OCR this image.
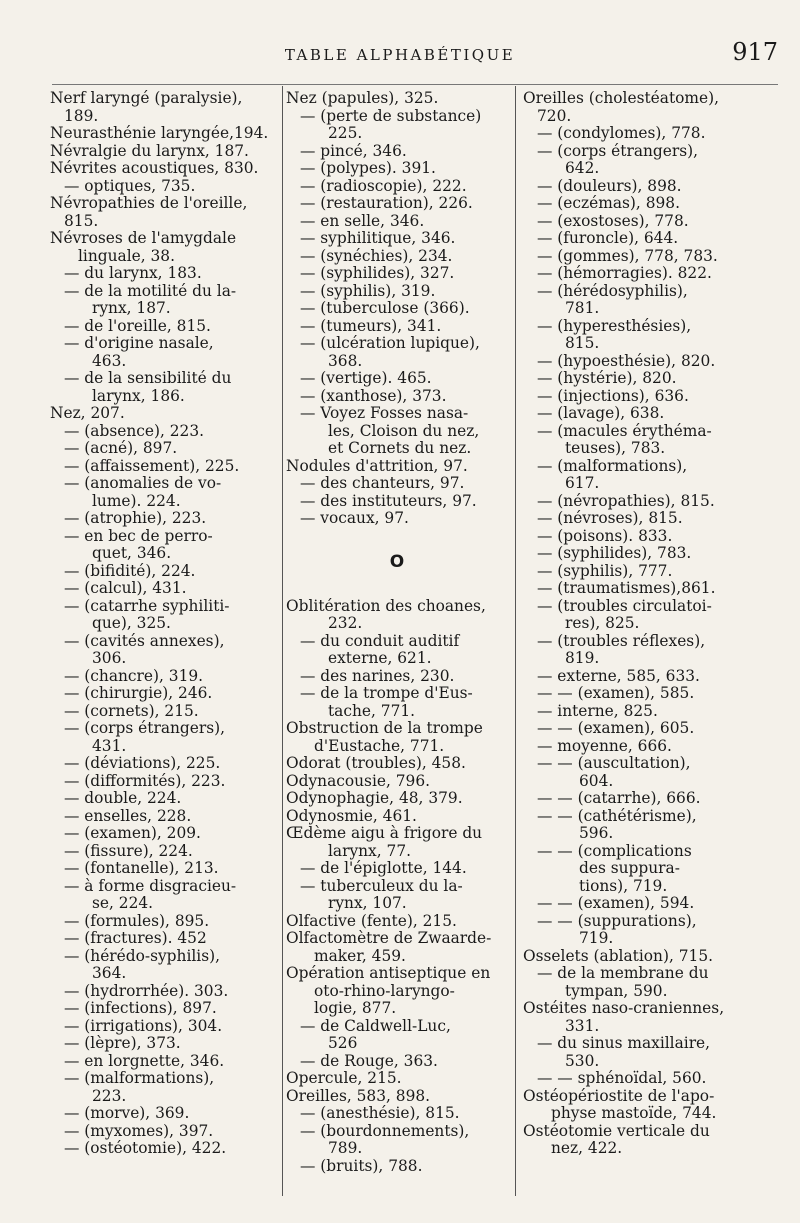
TABLE ALPHABÉTIQUE	917
Nerf laryngé (paralysie),
189.
Neurasthénie laryngée,194.
Névralgie du larynx, 187.
Névrites acoustiques, 830.
— optiques, 735.
Névropathies de l'oreille,
815.
Névroses de l'amygdale
linguale, 38.
— du larynx, 183.
— de la motilité du la-
rynx, 187.
— de l'oreille, 815.
— d'origine nasale,
463.
— de la sensibilité du
larynx, 186.
Nez, 207.
— (absence), 223.
— (acné), 897.
— (affaissement), 225.
— (anomalies de vo-
lume). 224.
— (atrophie), 223.
— en bec de perro-
quet, 346.
— (bifidité), 224.
— (calcul), 431.
— (catarrhe syphiliti-
que), 325.
— (cavités annexes),
306.
— (chancre), 319.
— (chirurgie), 246.
— (cornets), 215.
— (corps étrangers),
431.
— (déviations), 225.
— (difformités), 223.
— double, 224.
— enselles, 228.
— (examen), 209.
— (fissure), 224.
— (fontanelle), 213.
— à forme disgracieu-
se, 224.
— (formules), 895.
— (fractures). 452
— (hérédo-syphilis),
364.
— (hydrorrhée). 303.
— (infections), 897.
— (irrigations), 304.
— (lèpre), 373.
— en lorgnette, 346.
— (malformations),
223.
— (morve), 369.
— (myxomes), 397.
— (ostéotomie), 422.
Nez (papules), 325.
— (perte de substance)
225.
— pincé, 346.
— (polypes). 391.
— (radioscopie), 222.
— (restauration), 226.
— en selle, 346.
— syphilitique, 346.
— (synéchies), 234.
— (syphilides), 327.
— (syphilis), 319.
— (tuberculose (366).
— (tumeurs), 341.
— (ulcération lupique),
368.
— (vertige). 465.
— (xanthose), 373.
— Voyez Fosses nasa-
les, Cloison du nez,
et Cornets du nez.
Nodules d'attrition, 97.
— des chanteurs, 97.
— des instituteurs, 97.
— vocaux, 97.
O
Oblitération des choanes,
232.
— du conduit auditif
externe, 621.
— des narines, 230.
— de la trompe d'Eus-
tache, 771.
Obstruction de la trompe
d'Eustache, 771.
Odorat (troubles), 458.
Odynacousie, 796.
Odynophagie, 48, 379.
Odynosmie, 461.
Œdème aigu à frigore du
larynx, 77.
— de l'épiglotte, 144.
— tuberculeux du la-
rynx, 107.
Olfactive (fente), 215.
Olfactomètre de Zwaarde-
maker, 459.
Opération antiseptique en
oto-rhino-laryngo-
logie, 877.
— de Caldwell-Luc,
526
— de Rouge, 363.
Opercule, 215.
Oreilles, 583, 898.
— (anesthésie), 815.
— (bourdonnements),
789.
— (bruits), 788.
Oreilles (cholestéatome),
720.
— (condylomes), 778.
— (corps étrangers),
642.
— (douleurs), 898.
— (eczémas), 898.
— (exostoses), 778.
— (furoncle), 644.
— (gommes), 778, 783.
— (hémorragies). 822.
— (hérédosyphilis),
781.
— (hyperesthésies),
815.
— (hypoesthésie), 820.
— (hystérie), 820.
— (injections), 636.
— (lavage), 638.
— (macules érythéma-
teuses), 783.
— (malformations),
617.
— (névropathies), 815.
— (névroses), 815.
— (poisons). 833.
— (syphilides), 783.
— (syphilis), 777.
— (traumatismes),861.
— (troubles circulatoi-
res), 825.
— (troubles réflexes),
819.
— externe, 585, 633.
— — (examen), 585.
— interne, 825.
— — (examen), 605.
— moyenne, 666.
— — (auscultation),
604.
— — (catarrhe), 666.
— — (cathétérisme),
596.
— — (complications
des suppura-
tions), 719.
— — (examen), 594.
— — (suppurations),
719.
Osselets (ablation), 715.
— de la membrane du
tympan, 590.
Ostéites naso-craniennes,
331.
— du sinus maxillaire,
530.
— — sphénoïdal, 560.
Ostéopériostite de l'apo-
physe mastoïde, 744.
Ostéotomie verticale du
nez, 422.
